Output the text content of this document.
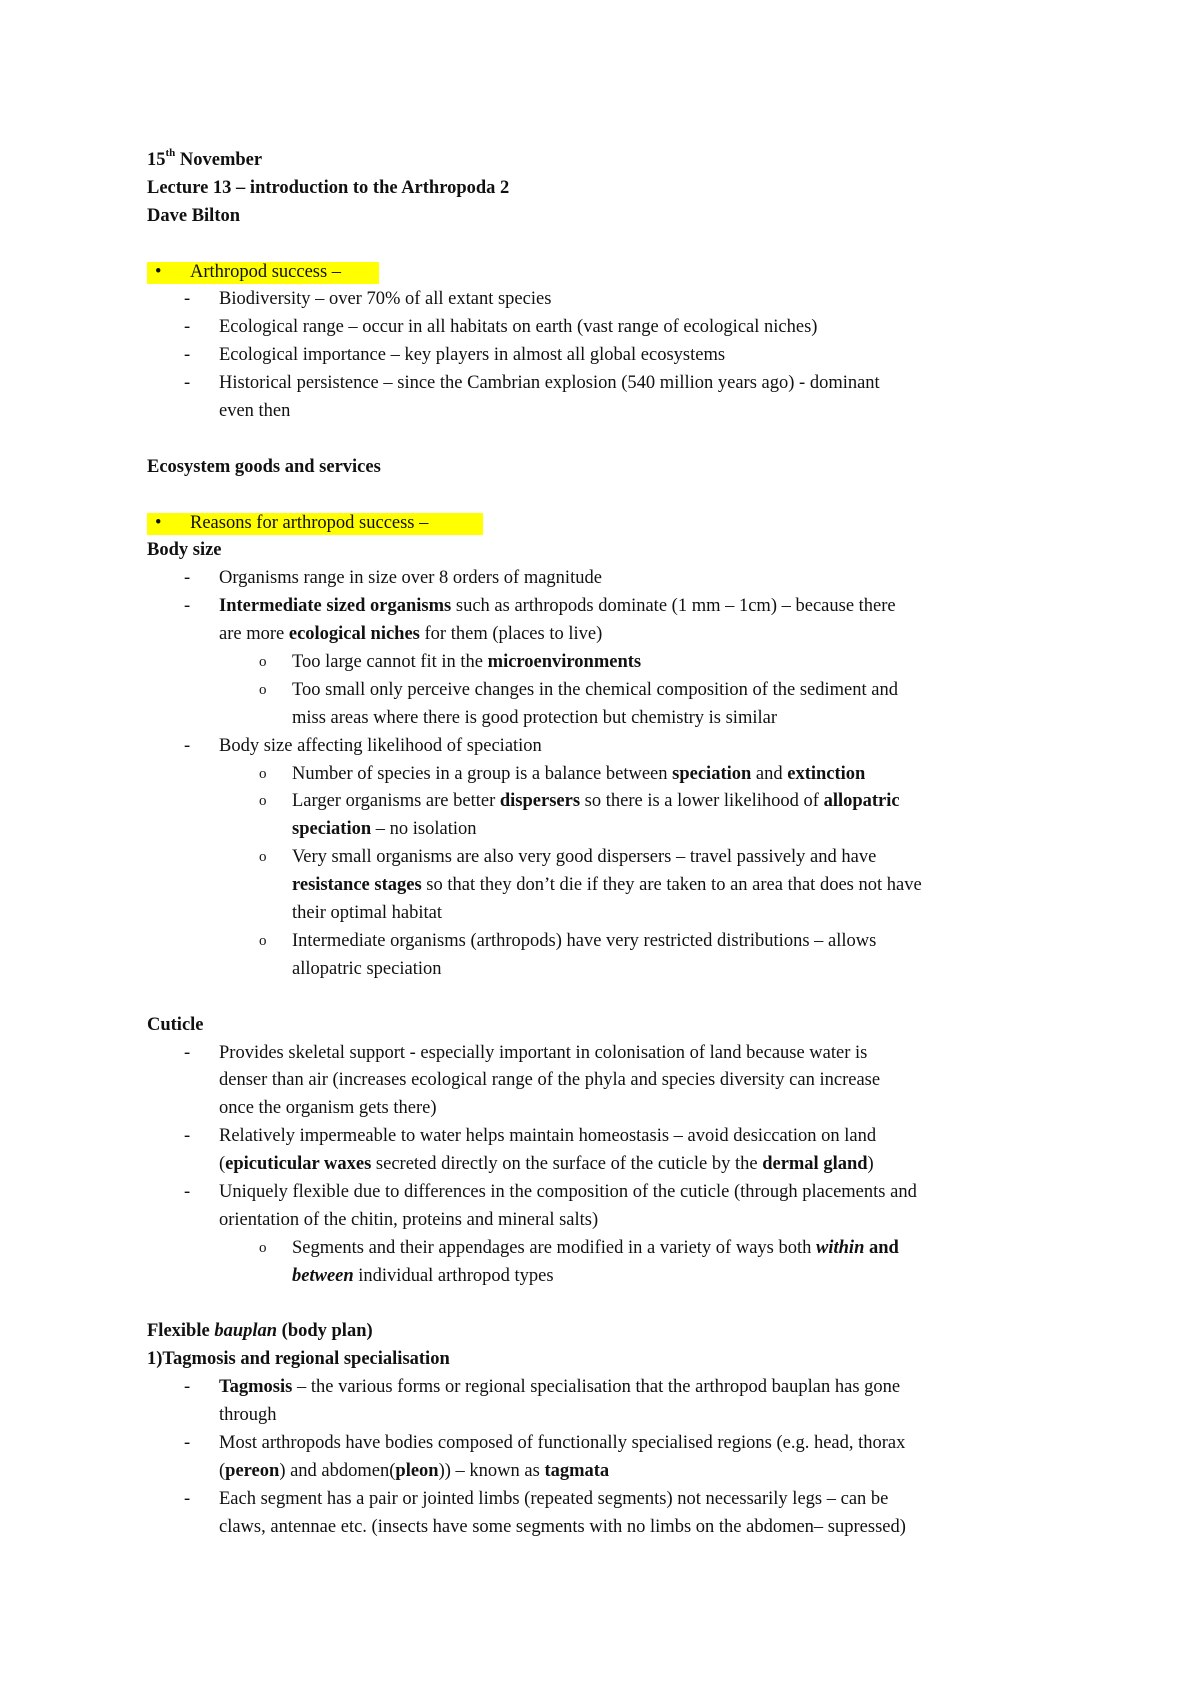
15th November
Lecture 13 – introduction to the Arthropoda 2
Dave Bilton
• Arthropod success –
- Biodiversity – over 70% of all extant species
- Ecological range – occur in all habitats on earth (vast range of ecological niches)
- Ecological importance – key players in almost all global ecosystems
- Historical persistence – since the Cambrian explosion (540 million years ago) - dominant
even then
Ecosystem goods and services
• Reasons for arthropod success –
Body size
- Organisms range in size over 8 orders of magnitude
- Intermediate sized organisms such as arthropods dominate (1 mm – 1cm) – because there
are more ecological niches for them (places to live)
o Too large cannot fit in the microenvironments
o Too small only perceive changes in the chemical composition of the sediment and
miss areas where there is good protection but chemistry is similar
- Body size affecting likelihood of speciation
o Number of species in a group is a balance between speciation and extinction
o Larger organisms are better dispersers so there is a lower likelihood of allopatric
speciation – no isolation
o Very small organisms are also very good dispersers – travel passively and have
resistance stages so that they don’t die if they are taken to an area that does not have
their optimal habitat
o Intermediate organisms (arthropods) have very restricted distributions – allows
allopatric speciation
Cuticle
- Provides skeletal support - especially important in colonisation of land because water is
denser than air (increases ecological range of the phyla and species diversity can increase
once the organism gets there)
- Relatively impermeable to water helps maintain homeostasis – avoid desiccation on land
(epicuticular waxes secreted directly on the surface of the cuticle by the dermal gland)
- Uniquely flexible due to differences in the composition of the cuticle (through placements and
orientation of the chitin, proteins and mineral salts)
o Segments and their appendages are modified in a variety of ways both within and
between individual arthropod types
Flexible bauplan (body plan)
1)Tagmosis and regional specialisation
- Tagmosis – the various forms or regional specialisation that the arthropod bauplan has gone
through
- Most arthropods have bodies composed of functionally specialised regions (e.g. head, thorax
(pereon) and abdomen(pleon)) – known as tagmata
- Each segment has a pair or jointed limbs (repeated segments) not necessarily legs – can be
claws, antennae etc. (insects have some segments with no limbs on the abdomen– supressed)
